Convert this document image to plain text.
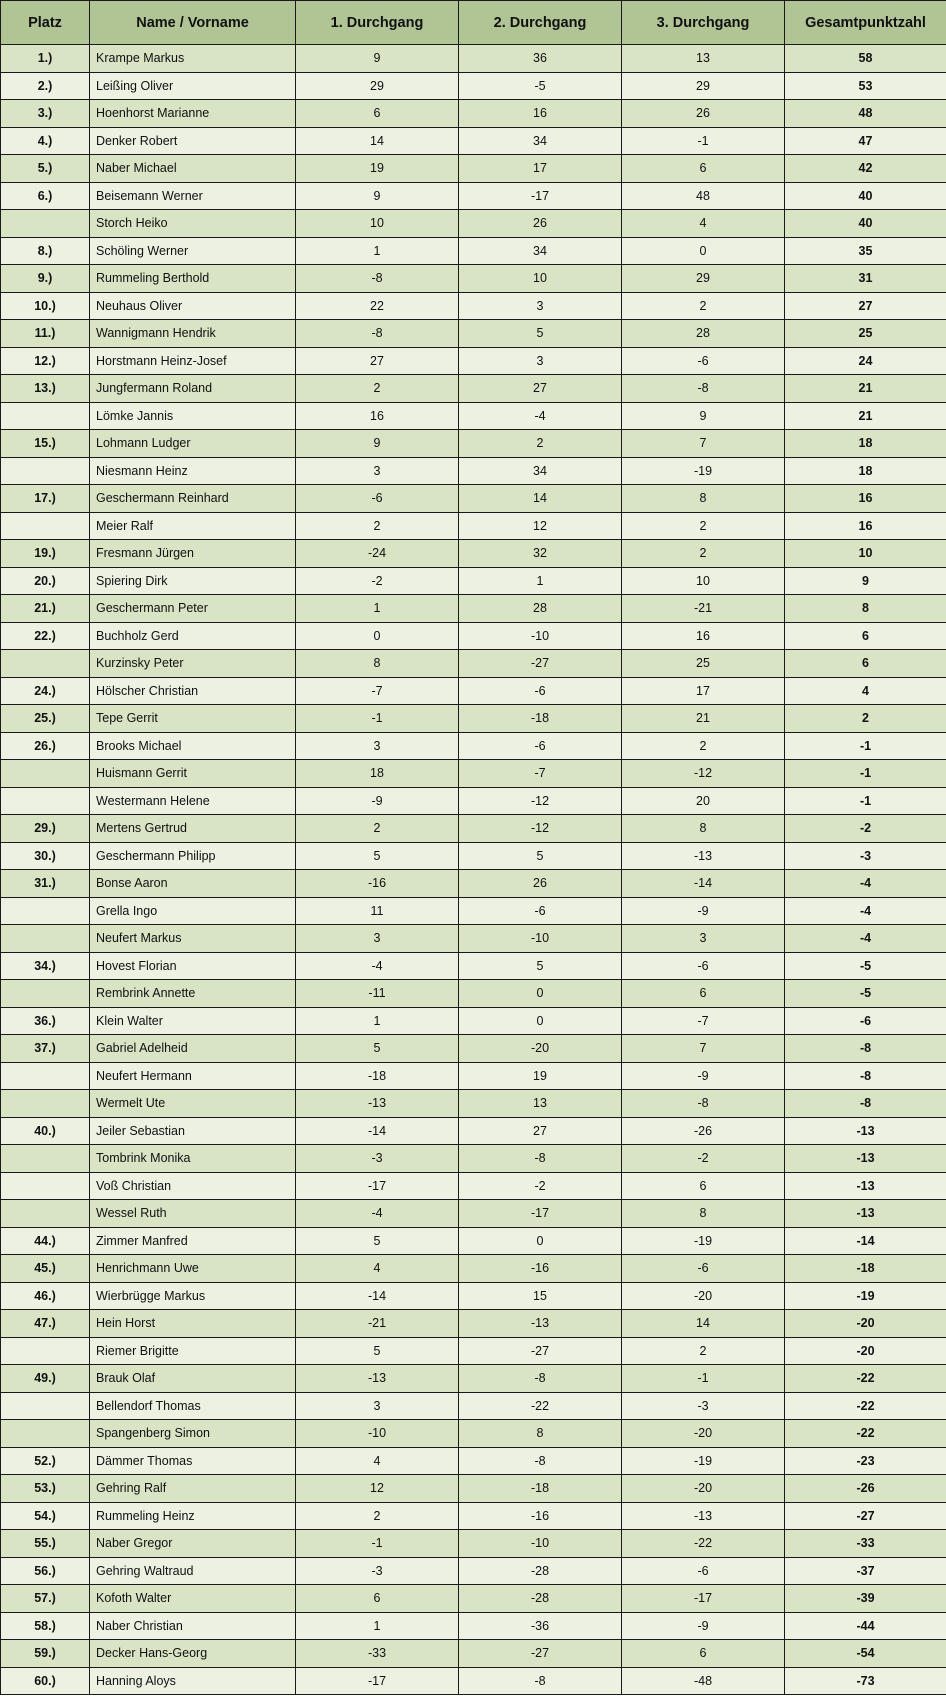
Platz	Name / Vorname	1. Durchgang	2. Durchgang	3. Durchgang	Gesamtpunktzahl
1.)	Krampe Markus	9	36	13	58
2.)	Leißing Oliver	29	-5	29	53
3.)	Hoenhorst Marianne	6	16	26	48
4.)	Denker Robert	14	34	-1	47
5.)	Naber Michael	19	17	6	42
6.)	Beisemann Werner	9	-17	48	40
	Storch Heiko	10	26	4	40
8.)	Schöling Werner	1	34	0	35
9.)	Rummeling Berthold	-8	10	29	31
10.)	Neuhaus Oliver	22	3	2	27
11.)	Wannigmann Hendrik	-8	5	28	25
12.)	Horstmann Heinz-Josef	27	3	-6	24
13.)	Jungfermann Roland	2	27	-8	21
	Lömke Jannis	16	-4	9	21
15.)	Lohmann Ludger	9	2	7	18
	Niesmann Heinz	3	34	-19	18
17.)	Geschermann Reinhard	-6	14	8	16
	Meier Ralf	2	12	2	16
19.)	Fresmann Jürgen	-24	32	2	10
20.)	Spiering Dirk	-2	1	10	9
21.)	Geschermann Peter	1	28	-21	8
22.)	Buchholz Gerd	0	-10	16	6
	Kurzinsky Peter	8	-27	25	6
24.)	Hölscher Christian	-7	-6	17	4
25.)	Tepe Gerrit	-1	-18	21	2
26.)	Brooks Michael	3	-6	2	-1
	Huismann Gerrit	18	-7	-12	-1
	Westermann Helene	-9	-12	20	-1
29.)	Mertens Gertrud	2	-12	8	-2
30.)	Geschermann Philipp	5	5	-13	-3
31.)	Bonse Aaron	-16	26	-14	-4
	Grella Ingo	11	-6	-9	-4
	Neufert Markus	3	-10	3	-4
34.)	Hovest Florian	-4	5	-6	-5
	Rembrink Annette	-11	0	6	-5
36.)	Klein Walter	1	0	-7	-6
37.)	Gabriel Adelheid	5	-20	7	-8
	Neufert Hermann	-18	19	-9	-8
	Wermelt Ute	-13	13	-8	-8
40.)	Jeiler Sebastian	-14	27	-26	-13
	Tombrink Monika	-3	-8	-2	-13
	Voß Christian	-17	-2	6	-13
	Wessel Ruth	-4	-17	8	-13
44.)	Zimmer Manfred	5	0	-19	-14
45.)	Henrichmann Uwe	4	-16	-6	-18
46.)	Wierbrügge Markus	-14	15	-20	-19
47.)	Hein Horst	-21	-13	14	-20
	Riemer Brigitte	5	-27	2	-20
49.)	Brauk Olaf	-13	-8	-1	-22
	Bellendorf Thomas	3	-22	-3	-22
	Spangenberg Simon	-10	8	-20	-22
52.)	Dämmer Thomas	4	-8	-19	-23
53.)	Gehring Ralf	12	-18	-20	-26
54.)	Rummeling Heinz	2	-16	-13	-27
55.)	Naber Gregor	-1	-10	-22	-33
56.)	Gehring Waltraud	-3	-28	-6	-37
57.)	Kofoth Walter	6	-28	-17	-39
58.)	Naber Christian	1	-36	-9	-44
59.)	Decker Hans-Georg	-33	-27	6	-54
60.)	Hanning Aloys	-17	-8	-48	-73
